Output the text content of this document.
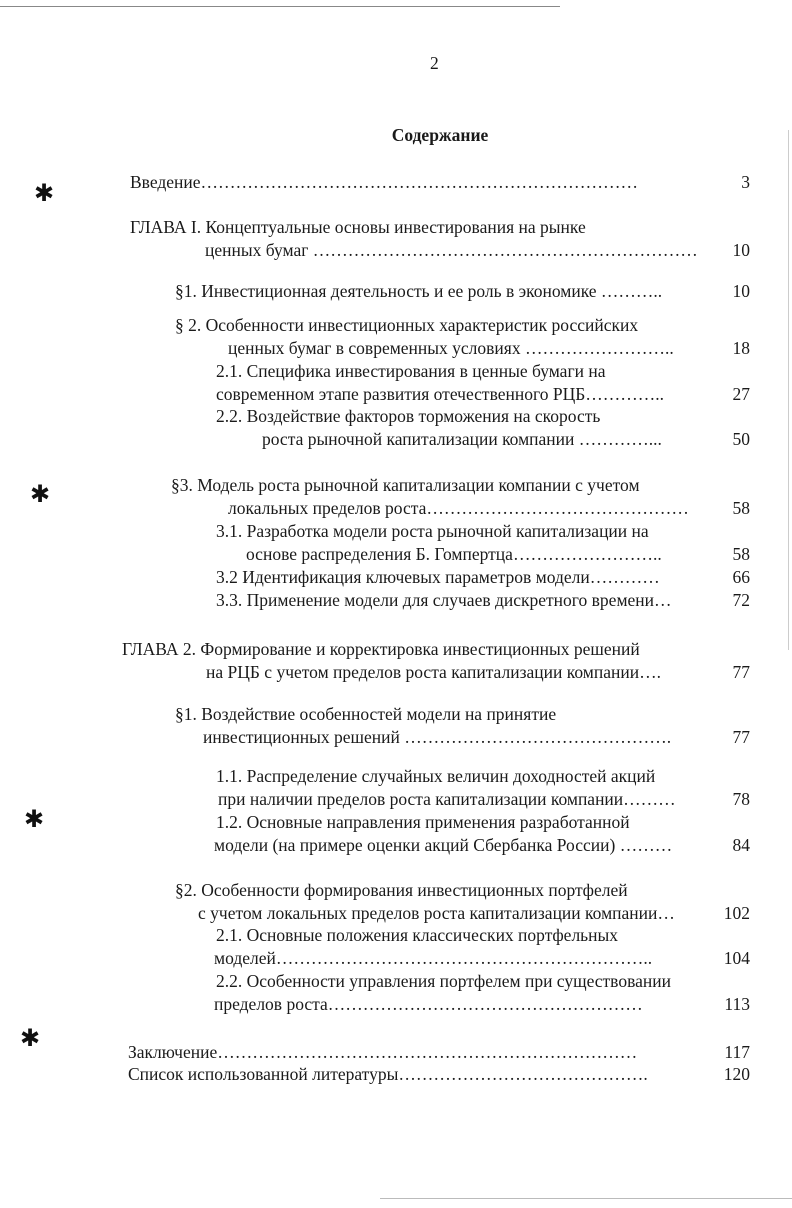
✱
✱
✱
✱
2
Содержание
Введение…………………………………………………………………	3
ГЛАВА I. Концептуальные основы инвестирования на рынке
ценных бумаг …………………………………………………………	10
§1. Инвестиционная деятельность и ее роль в экономике ………..	10
§ 2. Особенности инвестиционных характеристик российских
ценных бумаг в современных условиях ……………………..	18
2.1. Специфика инвестирования в ценные бумаги на
современном этапе развития отечественного РЦБ…………..	27
2.2. Воздействие факторов торможения на скорость
роста рыночной капитализации компании …………...	50
§3. Модель роста рыночной капитализации компании с учетом
локальных пределов роста………………………………………	58
3.1. Разработка модели роста рыночной капитализации на
основе распределения Б. Гомпертца……………………..	58
3.2 Идентификация ключевых параметров модели…………	66
3.3. Применение модели для случаев дискретного времени…	72
ГЛАВА 2. Формирование и корректировка инвестиционных решений
на РЦБ с учетом пределов роста капитализации компании….	77
§1. Воздействие особенностей модели на принятие
инвестиционных решений ……………………………………….	77
1.1. Распределение случайных величин доходностей акций
при наличии пределов роста капитализации компании………	78
1.2. Основные направления применения разработанной
модели (на примере оценки акций Сбербанка России) ………	84
§2. Особенности формирования инвестиционных портфелей
с учетом локальных пределов роста капитализации компании…	102
2.1. Основные положения классических портфельных
моделей………………………………………………………..	104
2.2. Особенности управления портфелем при существовании
пределов роста………………………………………………	113
Заключение………………………………………………………………	117
Список использованной литературы…………………………………….	120
